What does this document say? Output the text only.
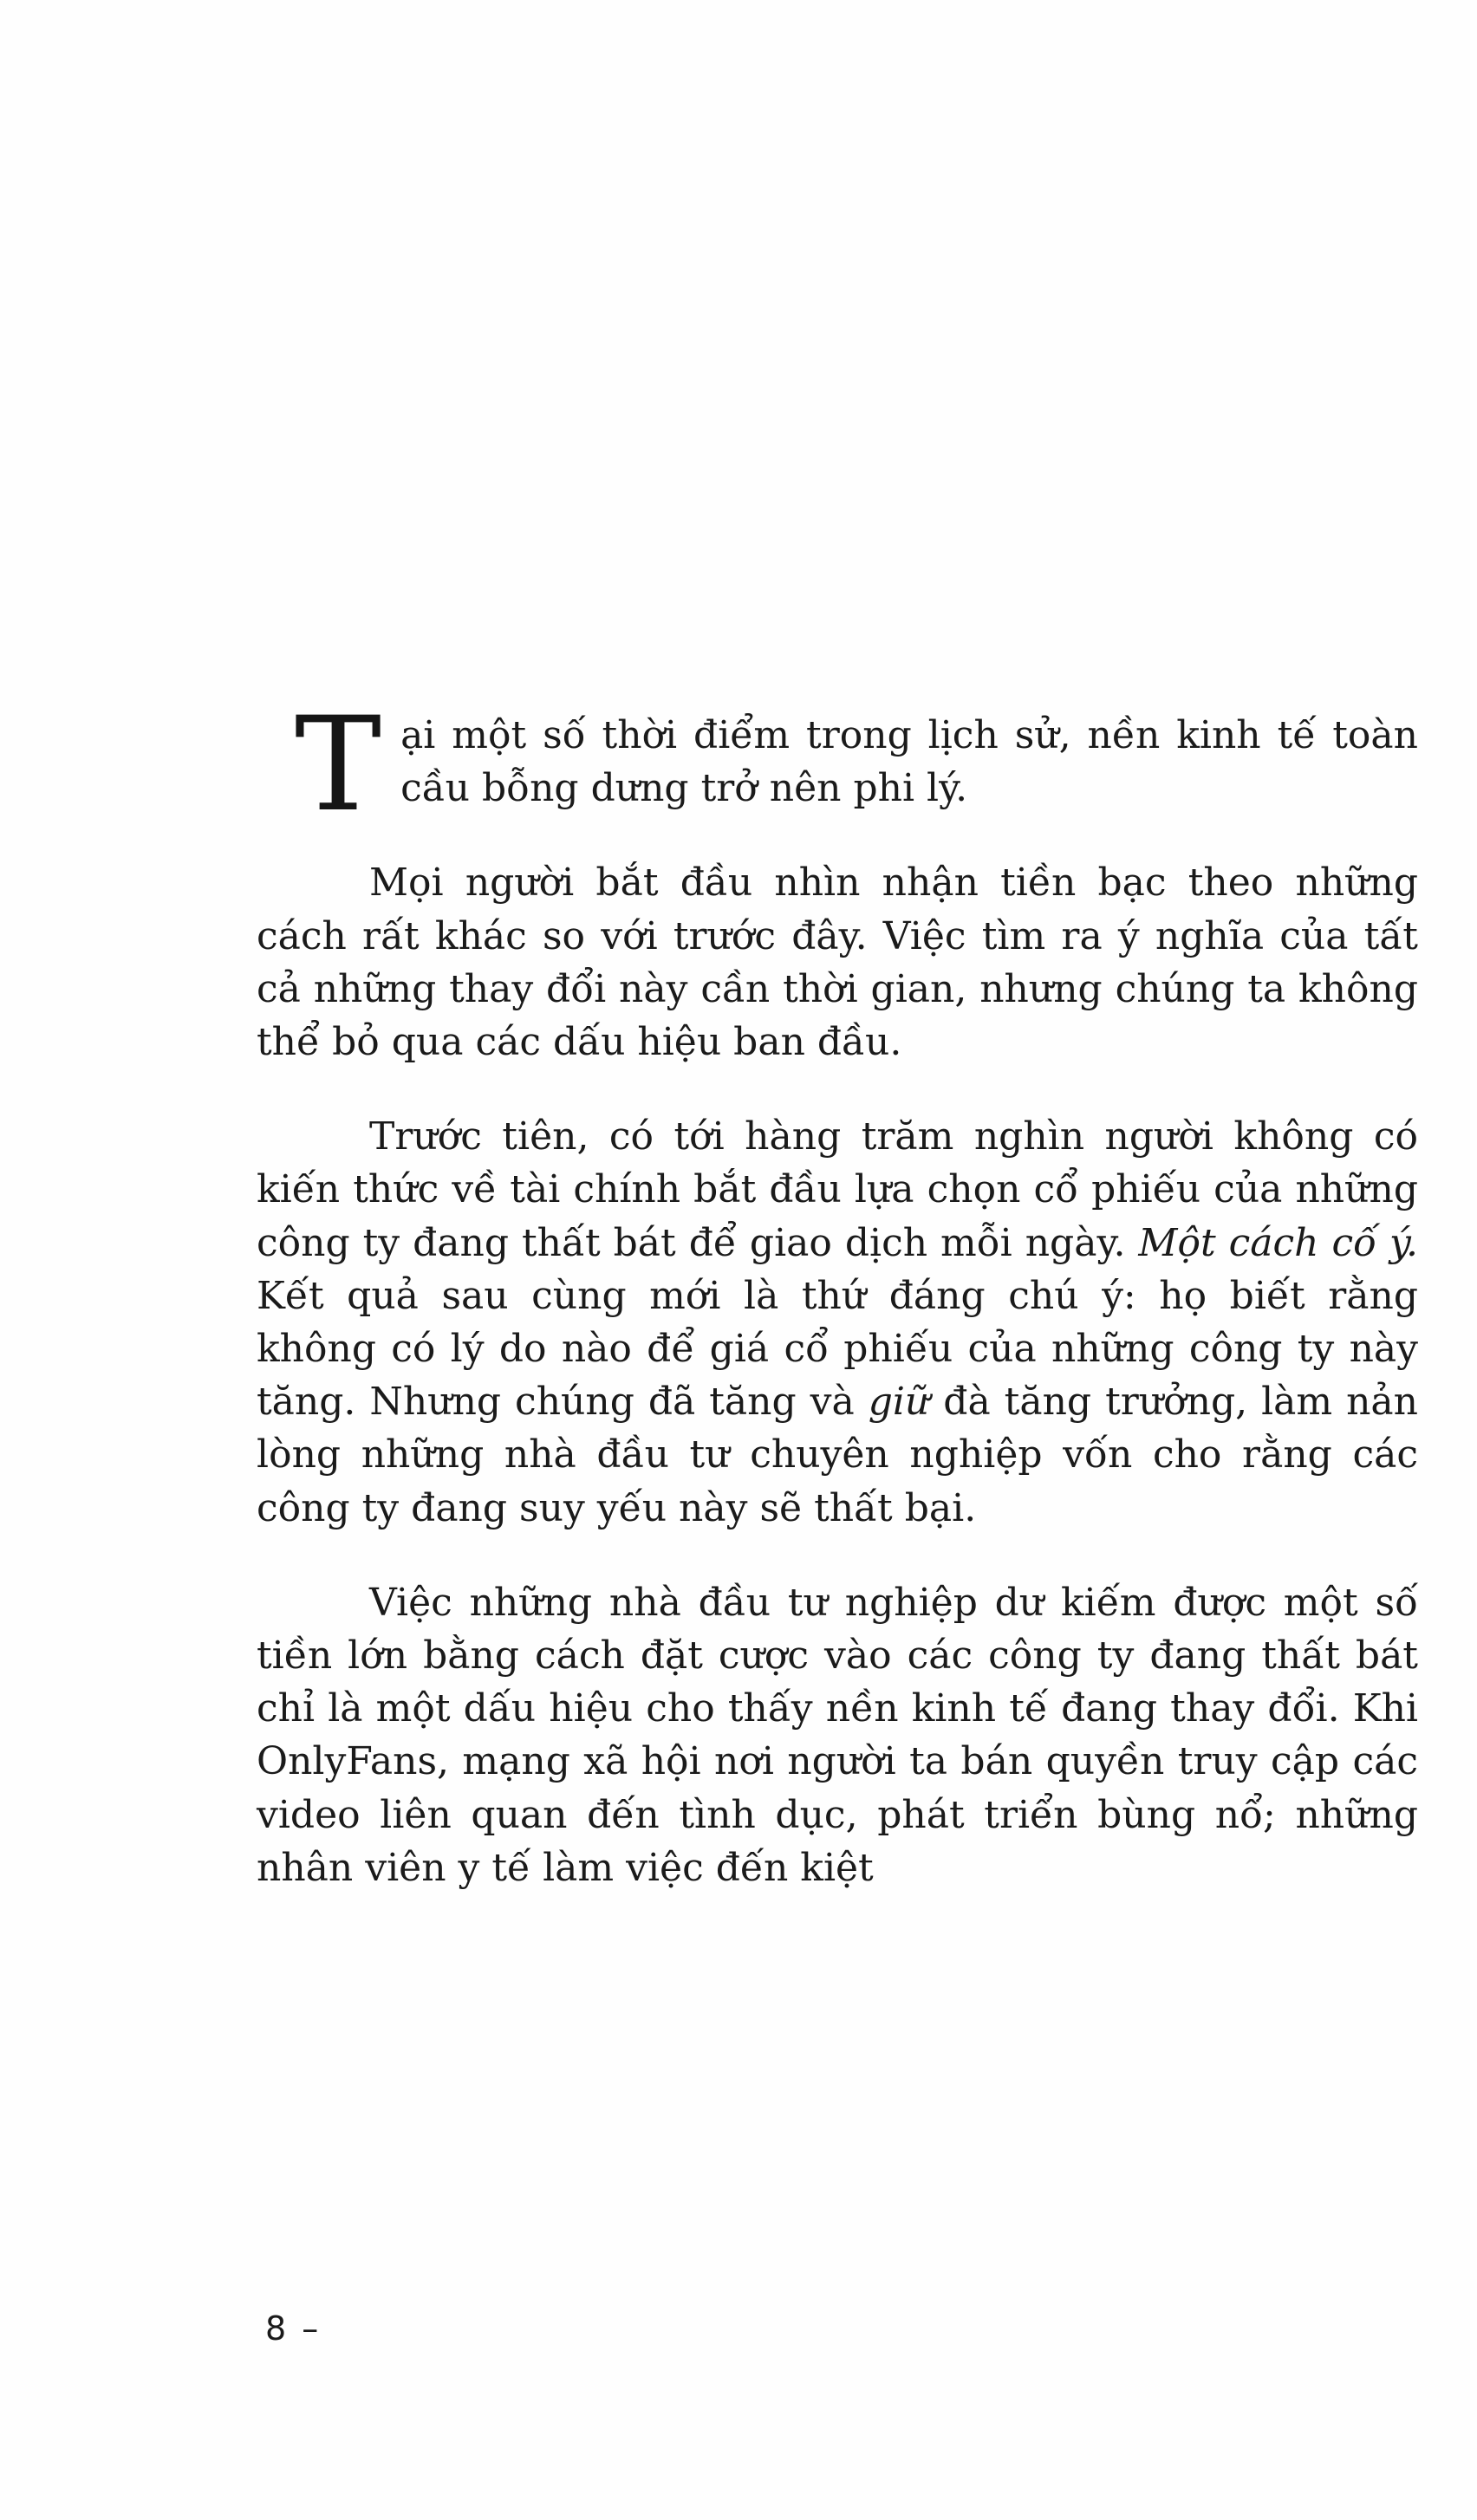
Tại một số thời điểm trong lịch sử, nền kinh tế toàn cầu bỗng dưng trở nên phi lý.

Mọi người bắt đầu nhìn nhận tiền bạc theo những cách rất khác so với trước đây. Việc tìm ra ý nghĩa của tất cả những thay đổi này cần thời gian, nhưng chúng ta không thể bỏ qua các dấu hiệu ban đầu.

Trước tiên, có tới hàng trăm nghìn người không có kiến thức về tài chính bắt đầu lựa chọn cổ phiếu của những công ty đang thất bát để giao dịch mỗi ngày. Một cách cố ý. Kết quả sau cùng mới là thứ đáng chú ý: họ biết rằng không có lý do nào để giá cổ phiếu của những công ty này tăng. Nhưng chúng đã tăng và giữ đà tăng trưởng, làm nản lòng những nhà đầu tư chuyên nghiệp vốn cho rằng các công ty đang suy yếu này sẽ thất bại.

Việc những nhà đầu tư nghiệp dư kiếm được một số tiền lớn bằng cách đặt cược vào các công ty đang thất bát chỉ là một dấu hiệu cho thấy nền kinh tế đang thay đổi. Khi OnlyFans, mạng xã hội nơi người ta bán quyền truy cập các video liên quan đến tình dục, phát triển bùng nổ; những nhân viên y tế làm việc đến kiệt

8 –
